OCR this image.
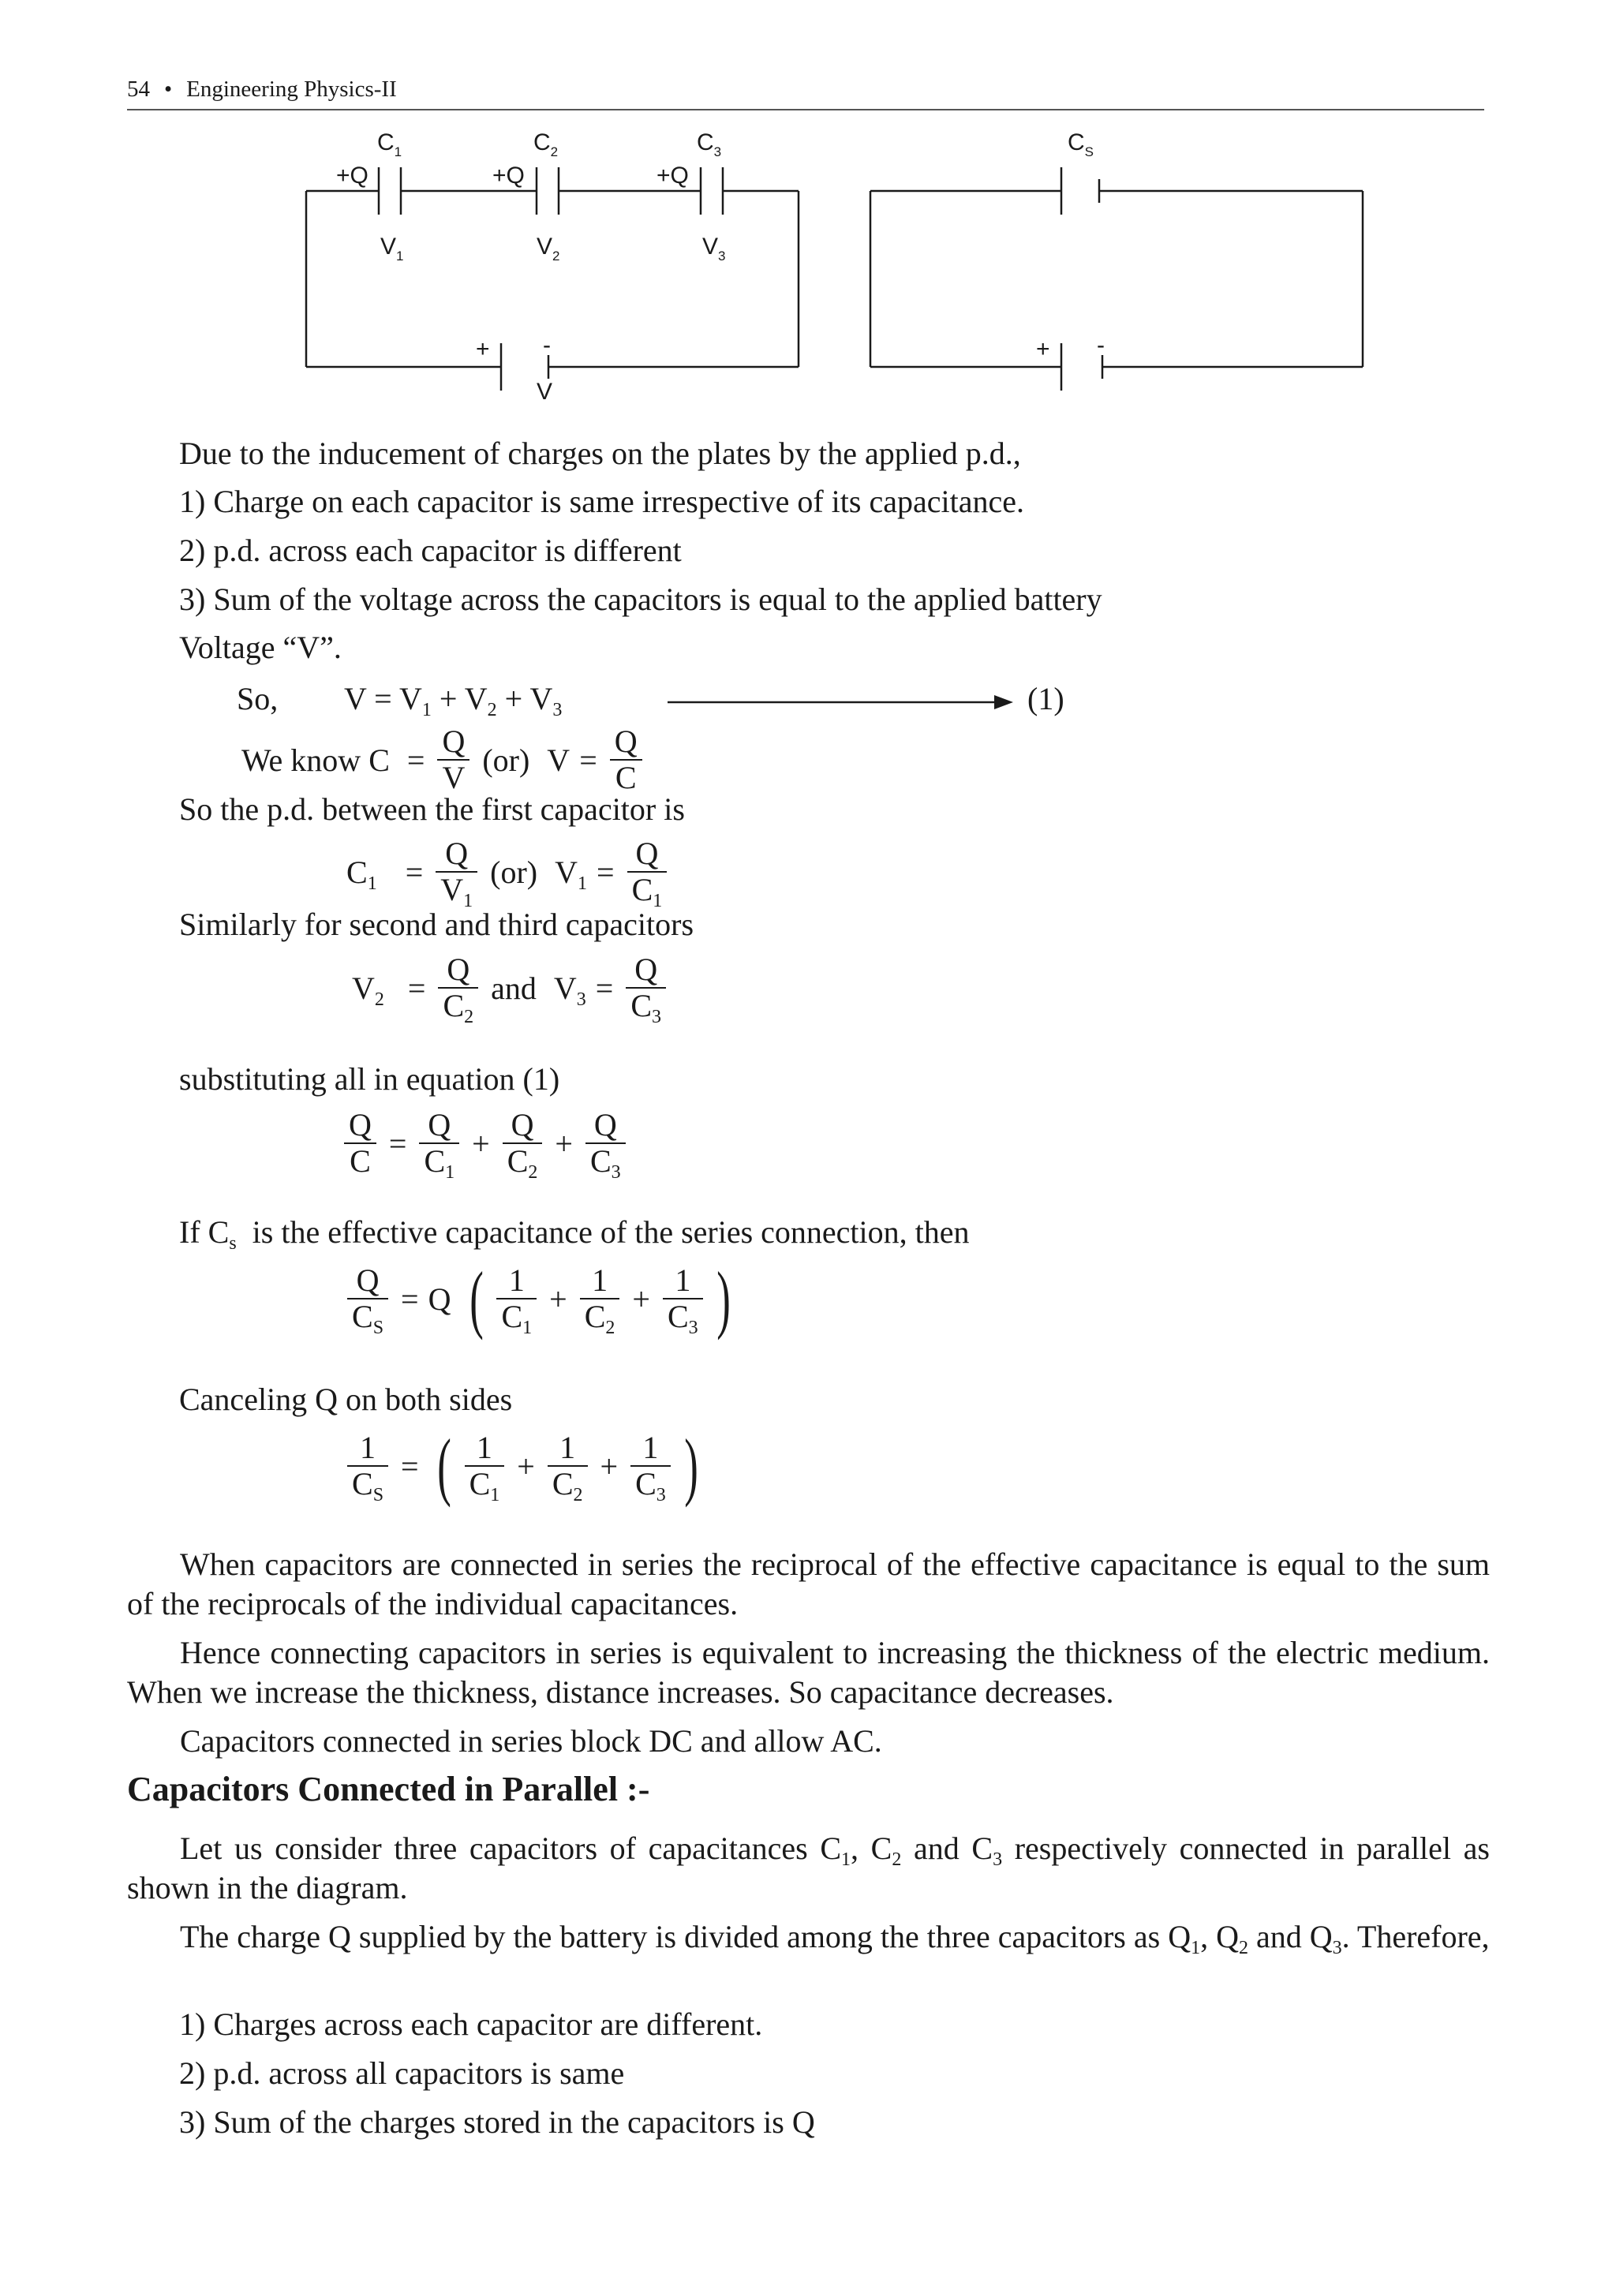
54 • Engineering Physics-II
$C_1$	$C_2$	$C_3$
+Q	+Q	+Q
$V_1$	$V_2$	$V_3$
+ -
V
$C_S$
+ -
Due to the inducement of charges on the plates by the applied p.d.,
1) Charge on each capacitor is same irrespective of its capacitance.
2) p.d. across each capacitor is different
3) Sum of the voltage across the capacitors is equal to the applied battery
Voltage “V”.
So, $V = V_1 + V_2 + V_3$	(1)
We know $C = \frac{Q}{V} (or) V = \frac{Q}{C}$
So the p.d. between the first capacitor is
$C_1 = \frac{Q}{V_1} (or) V_1 = \frac{Q}{C_1}$
Similarly for second and third capacitors
$V_2 = \frac{Q}{C_2}$ and $V_3 = \frac{Q}{C_3}$
substituting all in equation (1)
$\frac{Q}{C} = \frac{Q}{C_1} + \frac{Q}{C_2} + \frac{Q}{C_3}$
If $C_s$ is the effective capacitance of the series connection, then
$\frac{Q}{C_S} = Q$ ( $\frac{1}{C_1} + \frac{1}{C_2} + \frac{1}{C_3}$ )
Canceling Q on both sides
$\frac{1}{C_S}$ = ( $\frac{1}{C_1} + \frac{1}{C_2} + \frac{1}{C_3}$ )
When capacitors are connected in series the reciprocal of the effective capacitance is equal to the sum of the reciprocals of the individual capacitances.
Hence connecting capacitors in series is equivalent to increasing the thickness of the electric medium. When we increase the thickness, distance increases. So capacitance decreases.
Capacitors connected in series block DC and allow AC.
Capacitors Connected in Parallel :-
Let us consider three capacitors of capacitances $C_1$, $C_2$ and $C_3$ respectively connected in parallel as shown in the diagram.
The charge Q supplied by the battery is divided among the three capacitors as $Q_1$, $Q_2$ and $Q_3$. Therefore,
1) Charges across each capacitor are different.
2) p.d. across all capacitors is same
3) Sum of the charges stored in the capacitors is Q
